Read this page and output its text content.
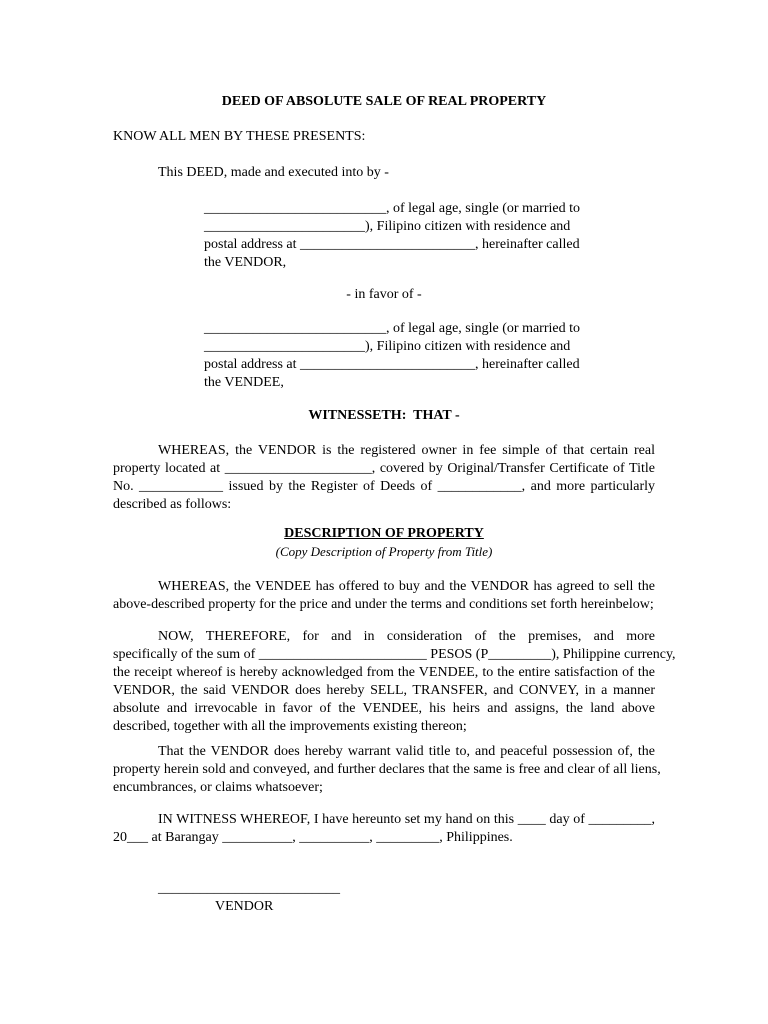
DEED OF ABSOLUTE SALE OF REAL PROPERTY
KNOW ALL MEN BY THESE PRESENTS:
This DEED, made and executed into by -
__________________________, of legal age, single (or married to
_______________________), Filipino citizen with residence and
postal address at _________________________, hereinafter called
the VENDOR,
- in favor of -
__________________________, of legal age, single (or married to
_______________________), Filipino citizen with residence and
postal address at _________________________, hereinafter called
the VENDEE,
WITNESSETH:  THAT -
WHEREAS, the VENDOR is the registered owner in fee simple of that certain real
property located at _____________________, covered by Original/Transfer Certificate of Title
No. ____________ issued by the Register of Deeds of ____________, and more particularly
described as follows:
DESCRIPTION OF PROPERTY
(Copy Description of Property from Title)
WHEREAS, the VENDEE has offered to buy and the VENDOR has agreed to sell the
above-described property for the price and under the terms and conditions set forth hereinbelow;
NOW, THEREFORE, for and in consideration of the premises, and more
specifically of the sum of ________________________ PESOS (P_________), Philippine currency,
the receipt whereof is hereby acknowledged from the VENDEE, to the entire satisfaction of the
VENDOR, the said VENDOR does hereby SELL, TRANSFER, and CONVEY, in a manner
absolute and irrevocable in favor of the VENDEE, his heirs and assigns, the land above
described, together with all the improvements existing thereon;
That the VENDOR does hereby warrant valid title to, and peaceful possession of, the
property herein sold and conveyed, and further declares that the same is free and clear of all liens,
encumbrances, or claims whatsoever;
IN WITNESS WHEREOF, I have hereunto set my hand on this ____ day of _________,
20___ at Barangay __________, __________, _________, Philippines.
__________________________
VENDOR
